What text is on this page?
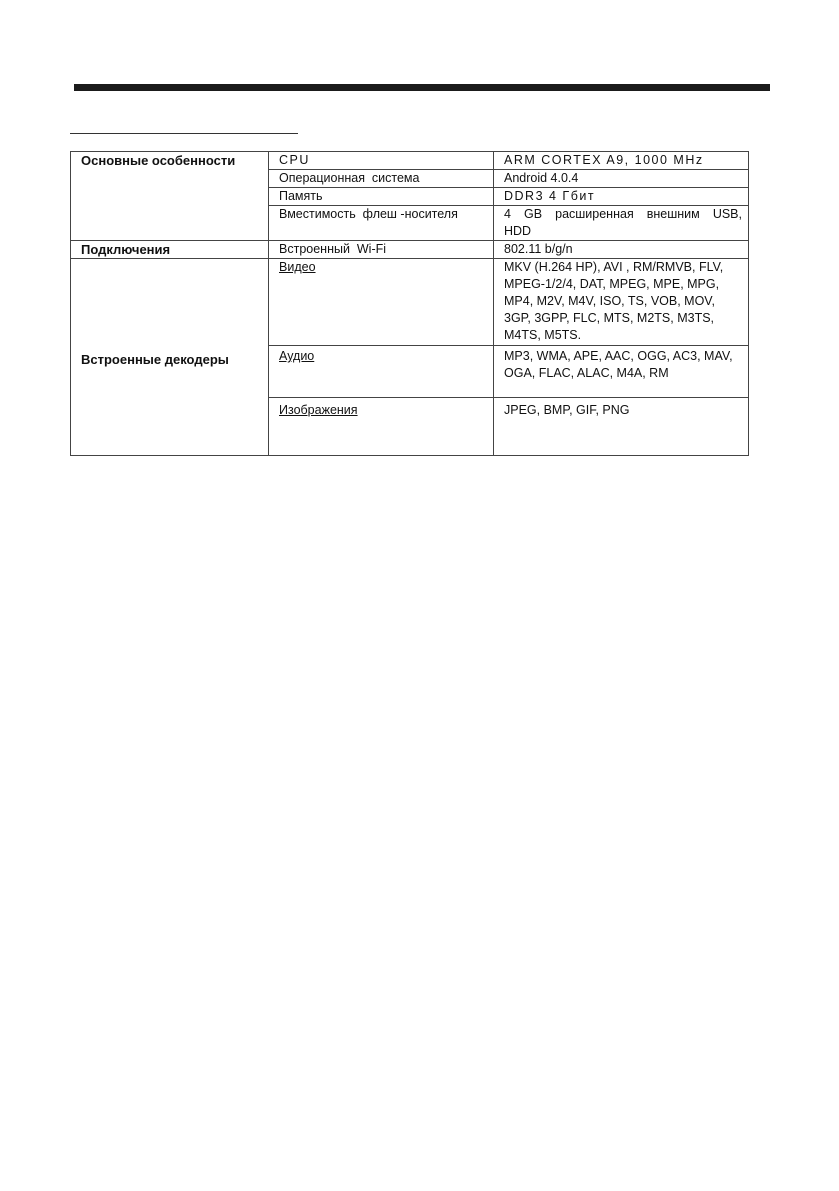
Основные особенности	CPU	ARM CORTEX A9, 1000 MHz
	Операционная  система	Android 4.0.4
	Память	DDR3 4 Гбит
	Вместимость  флеш -носителя	4 GB расширенная внешним USB, HDD
Подключения	Встроенный  Wi-Fi	802.11 b/g/n
Встроенные декодеры	Видео	MKV (H.264 HP), AVI , RM/RMVB, FLV, MPEG-1/2/4, DAT, MPEG, MPE, MPG, MP4, M2V, M4V, ISO, TS, VOB, MOV, 3GP, 3GPP, FLC, MTS, M2TS, M3TS, M4TS, M5TS.
	Аудио	MP3, WMA, APE, AAC, OGG, AC3, MAV, OGA, FLAC, ALAC, M4A, RM
	Изображения	JPEG, BMP, GIF, PNG
